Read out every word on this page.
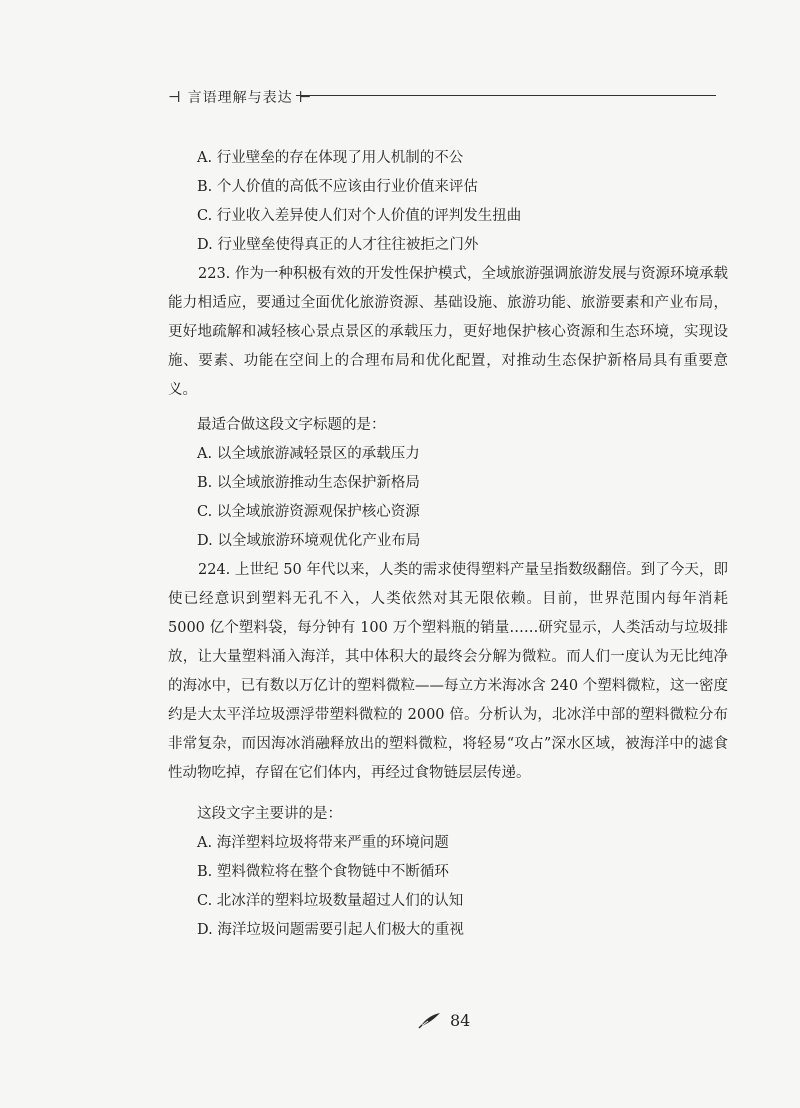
⊣ 言语理解与表达 ⊢

A. 行业壁垒的存在体现了用人机制的不公

B. 个人价值的高低不应该由行业价值来评估

C. 行业收入差异使人们对个人价值的评判发生扭曲

D. 行业壁垒使得真正的人才往往被拒之门外

223. 作为一种积极有效的开发性保护模式，全域旅游强调旅游发展与资源环境承载能力相适应，要通过全面优化旅游资源、基础设施、旅游功能、旅游要素和产业布局，更好地疏解和减轻核心景点景区的承载压力，更好地保护核心资源和生态环境，实现设施、要素、功能在空间上的合理布局和优化配置，对推动生态保护新格局具有重要意义。

最适合做这段文字标题的是：

A. 以全域旅游减轻景区的承载压力

B. 以全域旅游推动生态保护新格局

C. 以全域旅游资源观保护核心资源

D. 以全域旅游环境观优化产业布局

224. 上世纪 50 年代以来，人类的需求使得塑料产量呈指数级翻倍。到了今天，即使已经意识到塑料无孔不入，人类依然对其无限依赖。目前，世界范围内每年消耗 5000 亿个塑料袋，每分钟有 100 万个塑料瓶的销量……研究显示，人类活动与垃圾排放，让大量塑料涌入海洋，其中体积大的最终会分解为微粒。而人们一度认为无比纯净的海冰中，已有数以万亿计的塑料微粒——每立方米海冰含 240 个塑料微粒，这一密度约是大太平洋垃圾漂浮带塑料微粒的 2000 倍。分析认为，北冰洋中部的塑料微粒分布非常复杂，而因海冰消融释放出的塑料微粒，将轻易“攻占”深水区域，被海洋中的滤食性动物吃掉，存留在它们体内，再经过食物链层层传递。

这段文字主要讲的是：

A. 海洋塑料垃圾将带来严重的环境问题

B. 塑料微粒将在整个食物链中不断循环

C. 北冰洋的塑料垃圾数量超过人们的认知

D. 海洋垃圾问题需要引起人们极大的重视

84
